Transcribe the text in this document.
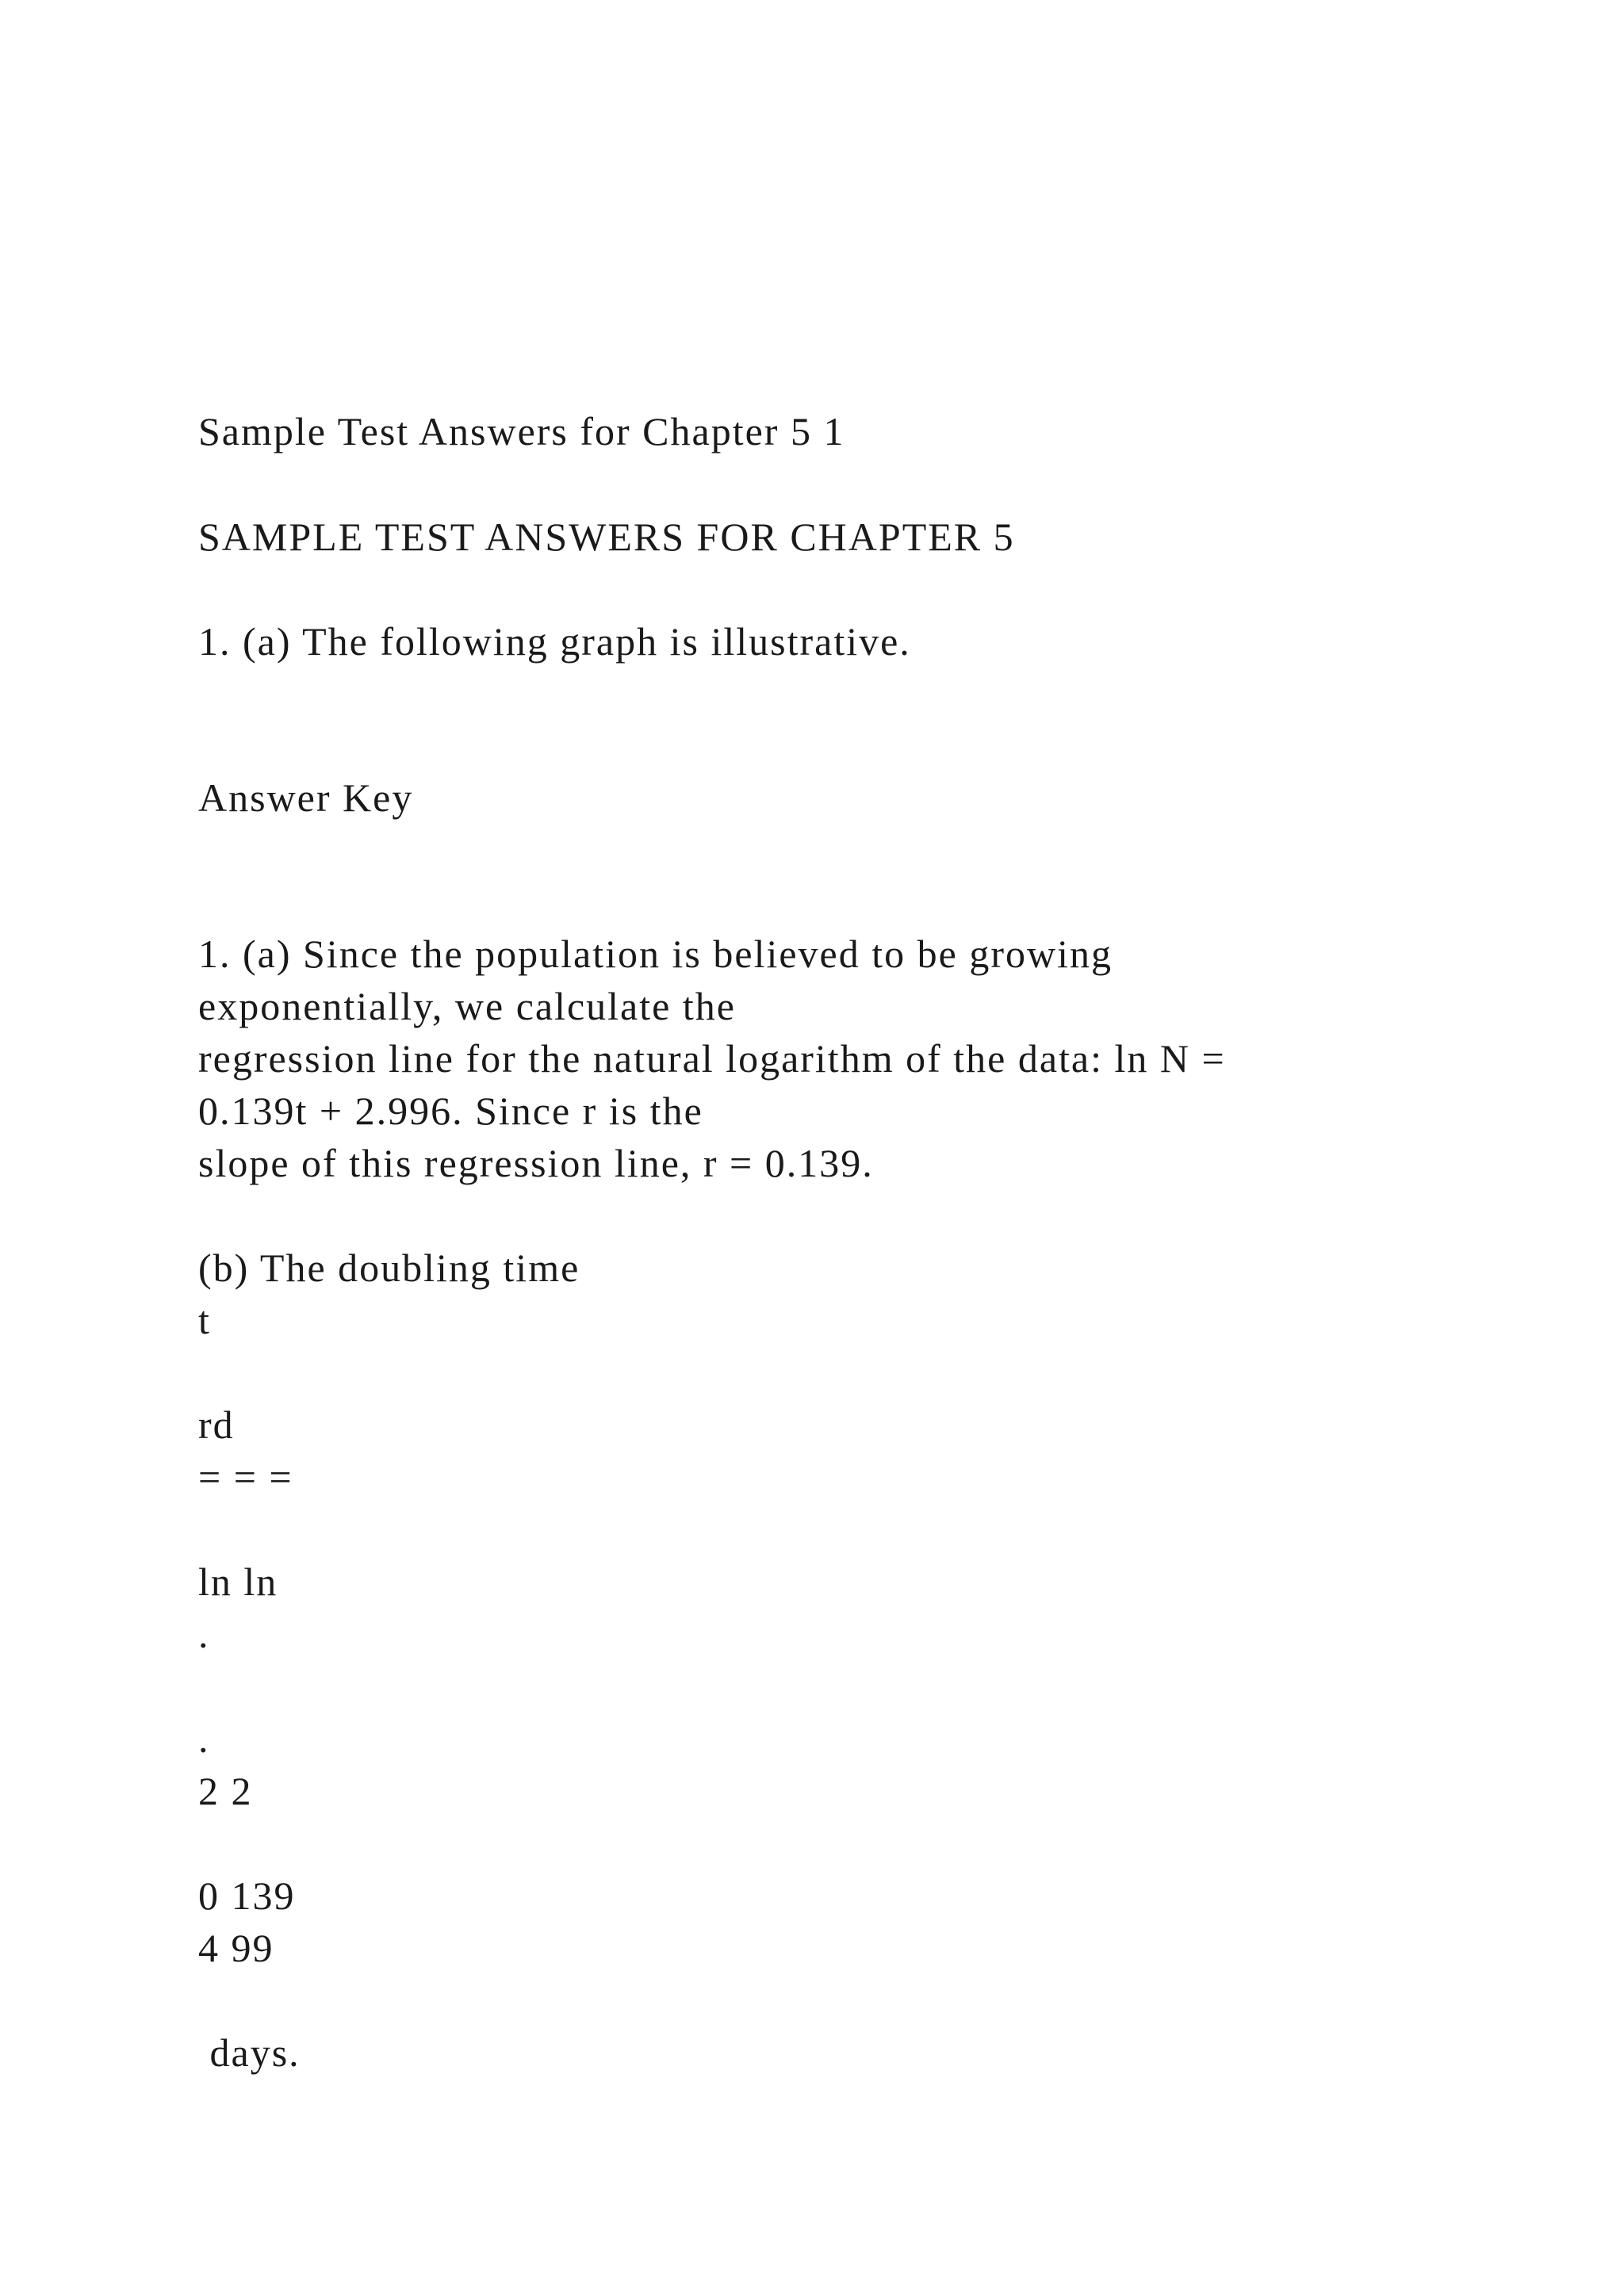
Sample Test Answers for Chapter 5 1
SAMPLE TEST ANSWERS FOR CHAPTER 5
1. (a) The following graph is illustrative.
Answer Key
1. (a) Since the population is believed to be growing
exponentially, we calculate the
regression line for the natural logarithm of the data: ln N =
0.139t + 2.996. Since r is the
slope of this regression line, r = 0.139.
(b) The doubling time
t
rd
= = =
ln ln
.
.
2 2
0 139
4 99
days.
